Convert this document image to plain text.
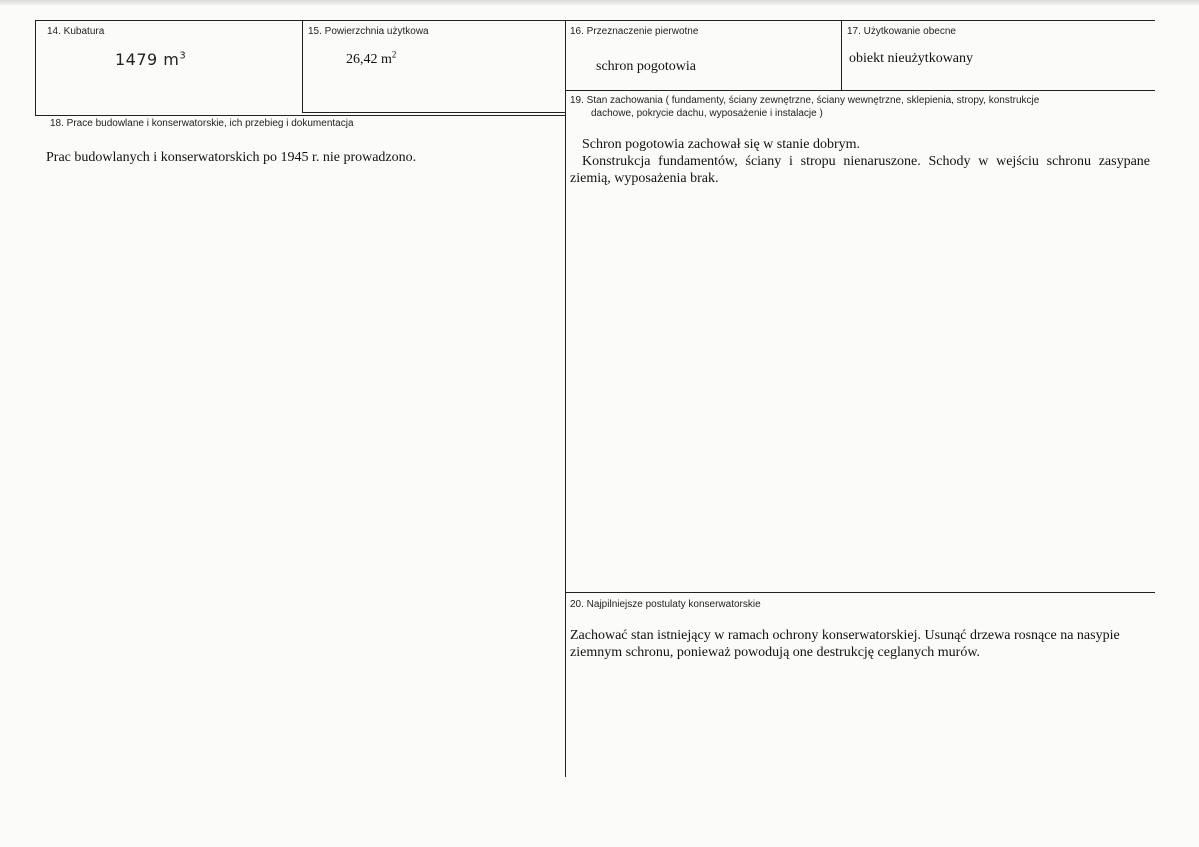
14. Kubatura
1479 $m^3$
15. Powierzchnia użytkowa
26,42 $m^2$
16. Przeznaczenie pierwotne
schron pogotowia
17. Użytkowanie obecne
obiekt nieużytkowany
18. Prace budowlane i konserwatorskie, ich przebieg i dokumentacja
Prac budowlanych i konserwatorskich po 1945 r. nie prowadzono.
19. Stan zachowania ( fundamenty, ściany zewnętrzne, ściany wewnętrzne, sklepienia, stropy, konstrukcje
dachowe, pokrycie dachu, wyposażenie i instalacje )

Schron pogotowia zachował się w stanie dobrym.

Konstrukcja fundamentów, ściany i stropu nienaruszone. Schody w wejściu schronu zasypane ziemią, wyposażenia brak.

20. Najpilniejsze postulaty konserwatorskie
Zachować stan istniejący w ramach ochrony konserwatorskiej. Usunąć drzewa rosnące na nasypie ziemnym schronu, ponieważ powodują one destrukcję ceglanych murów.
